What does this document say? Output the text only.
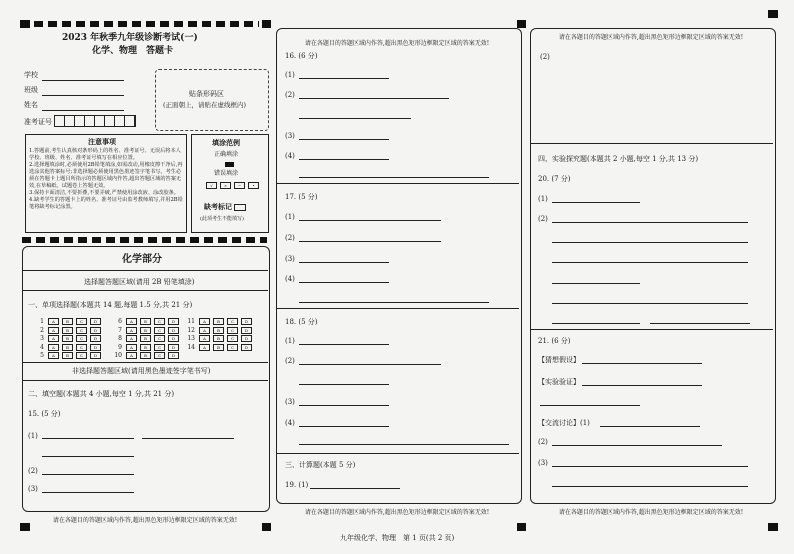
2023 年秋季九年级诊断考试(一)
化学、物理　答题卡
学校
班级
姓名
准考证号
贴条形码区
(正面朝上，请贴在虚线框内)
注意事项
1.答题前,考生认真核对条形码上的姓名、准考证号、无误后将本人学校、班级、姓名、准考证号填写在相应位置。
2.选择题填涂时,必须使用2B铅笔填涂,如需改动,用橡皮擦干净后,再选涂其他答案标号;非选择题必须使用黑色墨迹签字笔书写。考生必须在答题卡上题目所指示的答题区域内作答,超出答题区域的答案无效,在草稿纸、试题卷上答题无效。
3.保持卡面清洁,不要折叠,不要弄破,严禁使用涂改液、涂改胶条。
4.缺考学生的答题卡上的姓名、准考证号由监考教师填写,并用2B铅笔将缺考标记涂黑。
填涂范例
正确填涂
错误填涂
√	×	─	•
缺考标记
(此项考生不能填写)
化学部分
选择题答题区域(请用 2B 铅笔填涂)
一、单项选择题(本题共 14 题,每题 1.5 分,共 21 分)
1 A	B	C	D
2 A	B	C	D
3 A	B	C	D
4 A	B	C	D
5 A	B	C	D
6 A	B	C	D
7 A	B	C	D
8 A	B	C	D
9 A	B	C	D
10 A	B	C	D
11 A	B	C	D
12 A	B	C	D
13 A	B	C	D
14 A	B	C	D
非选择题答题区域(请用黑色墨迹签字笔书写)
二、填空题(本题共 4 小题,每空 1 分,共 21 分)
15. (5 分)
(1)
(2)
(3)
请在各题目的答题区域内作答,超出黑色矩形边框限定区域的答案无效!
请在各题目的答题区域内作答,超出黑色矩形边框限定区域的答案无效!
16. (6 分)
(1)
(2)
(3)
(4)
17. (5 分)
(1)
(2)
(3)
(4)
18. (5 分)
(1)
(2)
(3)
(4)
三、计算题(本题 5 分)
19. (1)
请在各题目的答题区域内作答,超出黑色矩形边框限定区域的答案无效!
请在各题目的答题区域内作答,超出黑色矩形边框限定区域的答案无效!
(2)
四、实验探究题(本题共 2 小题,每空 1 分,共 13 分)
20. (7 分)
(1)
(2)
21. (6 分)
【猜想假设】
【实验验证】
【交流讨论】(1)
(2)
(3)
请在各题目的答题区域内作答,超出黑色矩形边框限定区域的答案无效!
九年级化学、物理　第 1 页(共 2 页)
